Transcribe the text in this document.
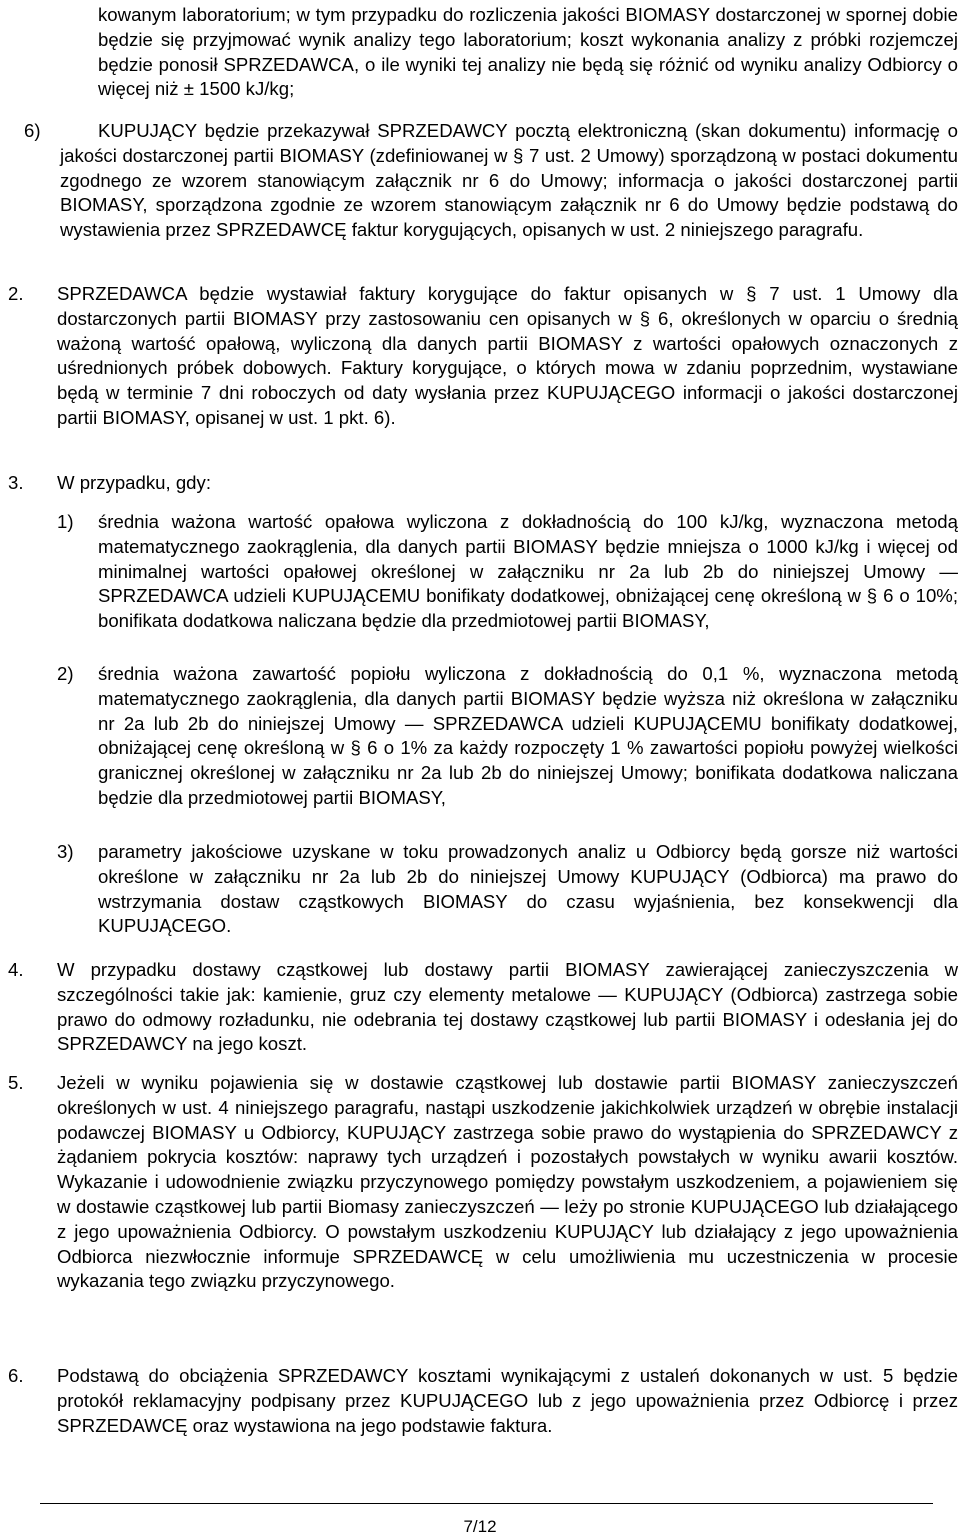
kowanym laboratorium; w tym przypadku do rozliczenia jakości BIOMASY dostarczonej w spornej dobie będzie się przyjmować wynik analizy tego laboratorium; koszt wykonania analizy z próbki rozjemczej będzie ponosił SPRZEDAWCA, o ile wyniki tej analizy nie będą się różnić od wyniku analizy Odbiorcy o więcej niż ± 1500 kJ/kg;
6)	KUPUJĄCY będzie przekazywał SPRZEDAWCY pocztą elektroniczną (skan dokumentu) informację o jakości dostarczonej partii BIOMASY (zdefiniowanej w § 7 ust. 2 Umowy) sporządzoną w postaci dokumentu zgodnego ze wzorem stanowiącym załącznik nr 6 do Umowy; informacja o jakości dostarczonej partii BIOMASY, sporządzona zgodnie ze wzorem stanowiącym załącznik nr 6 do Umowy będzie podstawą do wystawienia przez SPRZEDAWCĘ faktur korygujących, opisanych w ust. 2 niniejszego paragrafu.
2. SPRZEDAWCA będzie wystawiał faktury korygujące do faktur opisanych w § 7 ust. 1 Umowy dla dostarczonych partii BIOMASY przy zastosowaniu cen opisanych w § 6, określonych w oparciu o średnią ważoną wartość opałową, wyliczoną dla danych partii BIOMASY z wartości opałowych oznaczonych z uśrednionych próbek dobowych. Faktury korygujące, o których mowa w zdaniu poprzednim, wystawiane będą w terminie 7 dni roboczych od daty wysłania przez KUPUJĄCEGO informacji o jakości dostarczonej partii BIOMASY, opisanej w ust. 1 pkt. 6).
3. W przypadku, gdy:
1) średnia ważona wartość opałowa wyliczona z dokładnością do 100 kJ/kg, wyznaczona metodą matematycznego zaokrąglenia, dla danych partii BIOMASY będzie mniejsza o 1000 kJ/kg i więcej od minimalnej wartości opałowej określonej w załączniku nr 2a lub 2b do niniejszej Umowy — SPRZEDAWCA udzieli KUPUJĄCEMU bonifikaty dodatkowej, obniżającej cenę określoną w § 6 o 10%; bonifikata dodatkowa naliczana będzie dla przedmiotowej partii BIOMASY,
2) średnia ważona zawartość popiołu wyliczona z dokładnością do 0,1 %, wyznaczona metodą matematycznego zaokrąglenia, dla danych partii BIOMASY będzie wyższa niż określona w załączniku nr 2a lub 2b do niniejszej Umowy — SPRZEDAWCA udzieli KUPUJĄCEMU bonifikaty dodatkowej, obniżającej cenę określoną w § 6 o 1% za każdy rozpoczęty 1 % zawartości popiołu powyżej wielkości granicznej określonej w załączniku nr 2a lub 2b do niniejszej Umowy; bonifikata dodatkowa naliczana będzie dla przedmiotowej partii BIOMASY,
3) parametry jakościowe uzyskane w toku prowadzonych analiz u Odbiorcy będą gorsze niż wartości określone w załączniku nr 2a lub 2b do niniejszej Umowy KUPUJĄCY (Odbiorca) ma prawo do wstrzymania dostaw cząstkowych BIOMASY do czasu wyjaśnienia, bez konsekwencji dla KUPUJĄCEGO.
4. W przypadku dostawy cząstkowej lub dostawy partii BIOMASY zawierającej zanieczyszczenia w szczególności takie jak: kamienie, gruz czy elementy metalowe — KUPUJĄCY (Odbiorca) zastrzega sobie prawo do odmowy rozładunku, nie odebrania tej dostawy cząstkowej lub partii BIOMASY i odesłania jej do SPRZEDAWCY na jego koszt.
5. Jeżeli w wyniku pojawienia się w dostawie cząstkowej lub dostawie partii BIOMASY zanieczyszczeń określonych w ust. 4 niniejszego paragrafu, nastąpi uszkodzenie jakichkolwiek urządzeń w obrębie instalacji podawczej BIOMASY u Odbiorcy, KUPUJĄCY zastrzega sobie prawo do wystąpienia do SPRZEDAWCY z żądaniem pokrycia kosztów: naprawy tych urządzeń i pozostałych powstałych w wyniku awarii kosztów. Wykazanie i udowodnienie związku przyczynowego pomiędzy powstałym uszkodzeniem, a pojawieniem się w dostawie cząstkowej lub partii Biomasy zanieczyszczeń — leży po stronie KUPUJĄCEGO lub działającego z jego upoważnienia Odbiorcy. O powstałym uszkodzeniu KUPUJĄCY lub działający z jego upoważnienia Odbiorca niezwłocznie informuje SPRZEDAWCĘ w celu umożliwienia mu uczestniczenia w procesie wykazania tego związku przyczynowego.
6. Podstawą do obciążenia SPRZEDAWCY kosztami wynikającymi z ustaleń dokonanych w ust. 5 będzie protokół reklamacyjny podpisany przez KUPUJĄCEGO lub z jego upoważnienia przez Odbiorcę i przez SPRZEDAWCĘ oraz wystawiona na jego podstawie faktura.
7/12
